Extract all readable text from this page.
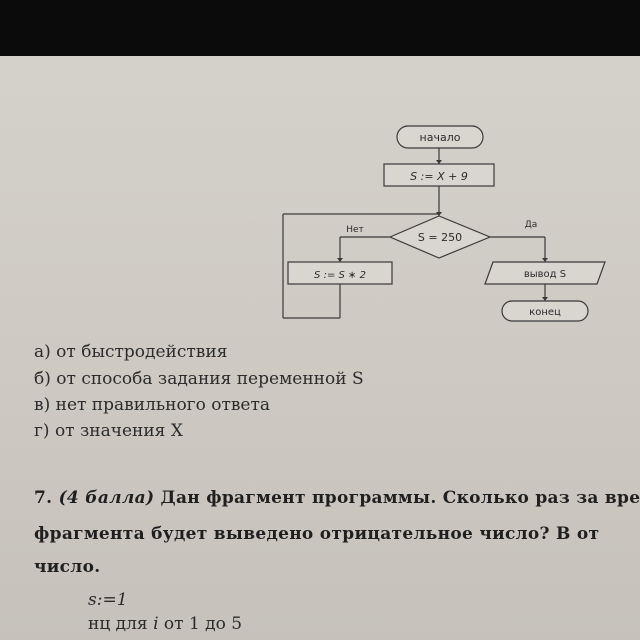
начало
S := X + 9
S = 250
Нет	Да
S := S ∗ 2	вывод S
конец
а) от быстродействия
б) от способа задания переменной S
в) нет правильного ответа
г) от значения X
7. (4 балла) Дан фрагмент программы. Сколько раз за вре
фрагмента будет выведено отрицательное число? В от
число.
s:=1
нц для i от 1 до 5
